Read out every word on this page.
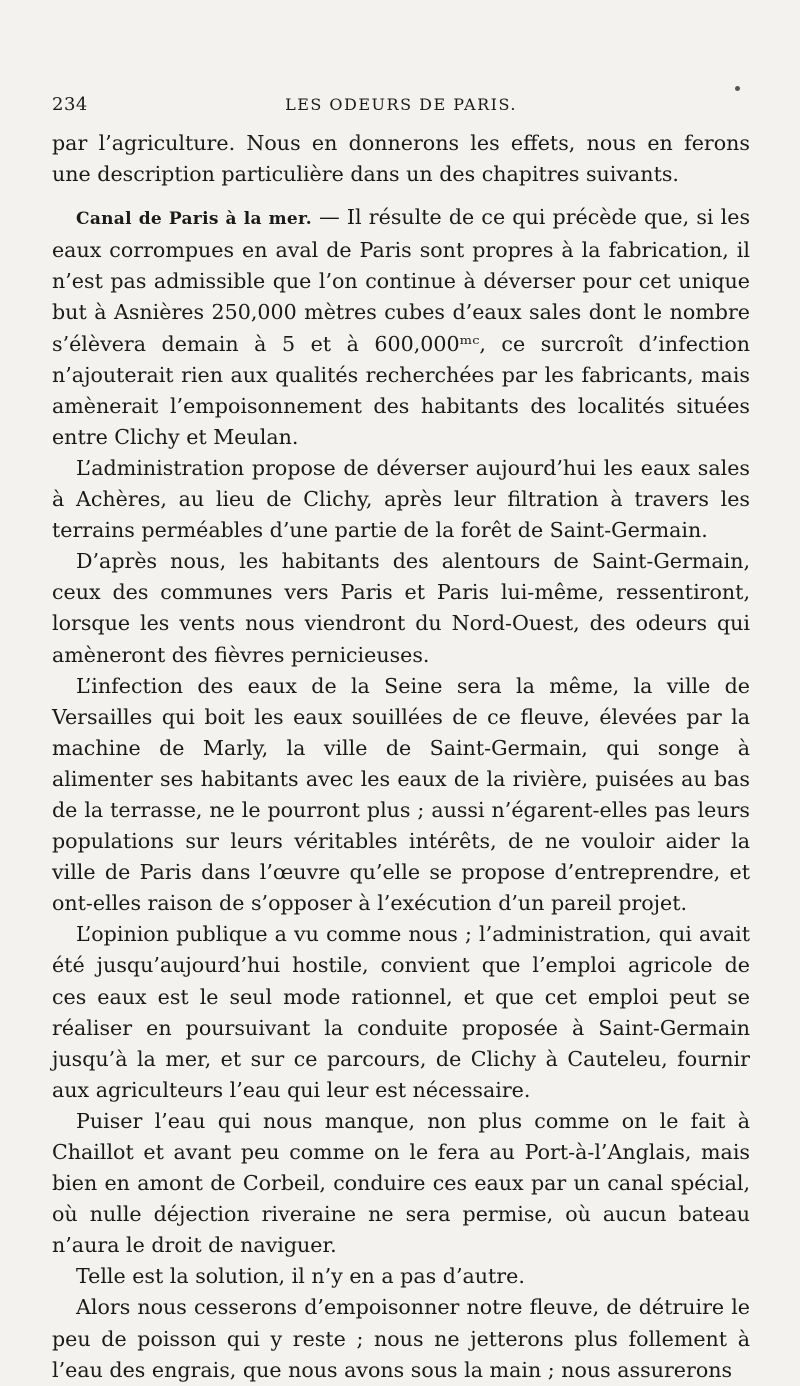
234	LES ODEURS DE PARIS.

par l’agriculture. Nous en donnerons les effets, nous en ferons une description particulière dans un des chapitres suivants.

Canal de Paris à la mer. — Il résulte de ce qui précède que, si les eaux corrompues en aval de Paris sont propres à la fabrication, il n’est pas admissible que l’on continue à déverser pour cet unique but à Asnières 250,000 mètres cubes d’eaux sales dont le nombre s’élèvera demain à 5 et à 600,000ᵐᶜ, ce surcroît d’infection n’ajouterait rien aux qualités recherchées par les fabricants, mais amènerait l’empoisonnement des habitants des localités situées entre Clichy et Meulan.

L’administration propose de déverser aujourd’hui les eaux sales à Achères, au lieu de Clichy, après leur filtration à travers les terrains perméables d’une partie de la forêt de Saint-Germain.

D’après nous, les habitants des alentours de Saint-Germain, ceux des communes vers Paris et Paris lui-même, ressentiront, lorsque les vents nous viendront du Nord-Ouest, des odeurs qui amèneront des fièvres pernicieuses.

L’infection des eaux de la Seine sera la même, la ville de Versailles qui boit les eaux souillées de ce fleuve, élevées par la machine de Marly, la ville de Saint-Germain, qui songe à alimenter ses habitants avec les eaux de la rivière, puisées au bas de la terrasse, ne le pourront plus ; aussi n’égarent-elles pas leurs populations sur leurs véritables intérêts, de ne vouloir aider la ville de Paris dans l’œuvre qu’elle se propose d’entreprendre, et ont-elles raison de s’opposer à l’exécution d’un pareil projet.

L’opinion publique a vu comme nous ; l’administration, qui avait été jusqu’aujourd’hui hostile, convient que l’emploi agricole de ces eaux est le seul mode rationnel, et que cet emploi peut se réaliser en poursuivant la conduite proposée à Saint-Germain jusqu’à la mer, et sur ce parcours, de Clichy à Cauteleu, fournir aux agriculteurs l’eau qui leur est nécessaire.

Puiser l’eau qui nous manque, non plus comme on le fait à Chaillot et avant peu comme on le fera au Port-à-l’Anglais, mais bien en amont de Corbeil, conduire ces eaux par un canal spécial, où nulle déjection riveraine ne sera permise, où aucun bateau n’aura le droit de naviguer.

Telle est la solution, il n’y en a pas d’autre.

Alors nous cesserons d’empoisonner notre fleuve, de détruire le peu de poisson qui y reste ; nous ne jetterons plus follement à l’eau des engrais, que nous avons sous la main ; nous assurerons
